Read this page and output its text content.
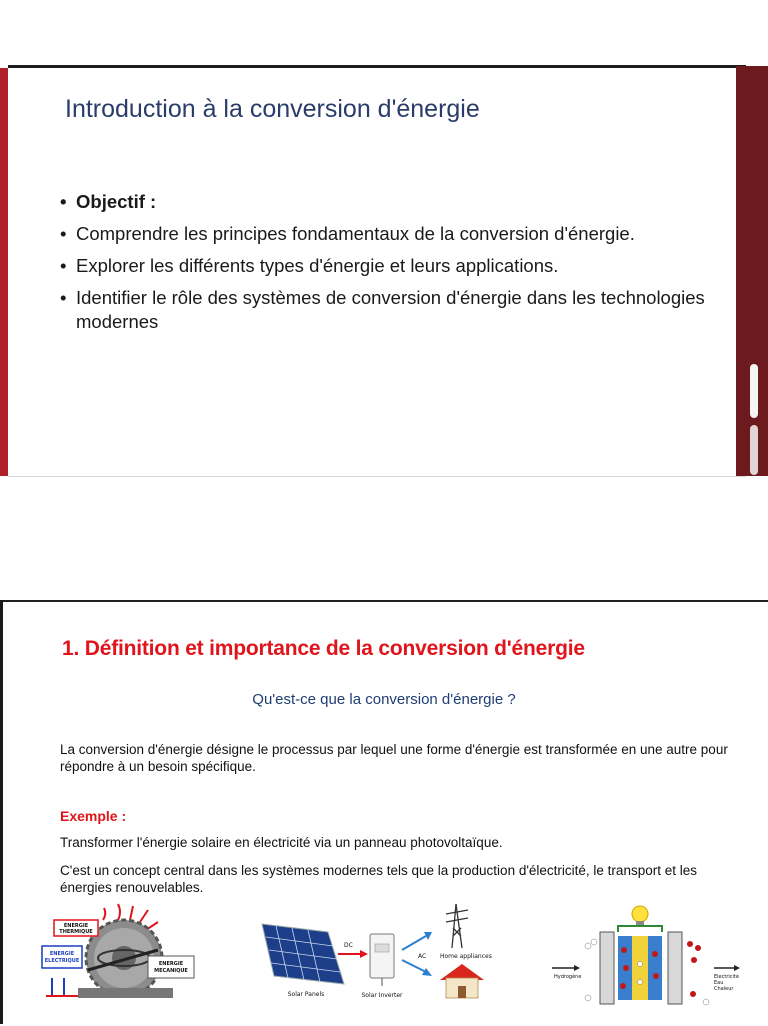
Introduction à la conversion d'énergie
• Objectif :
• Comprendre les principes fondamentaux de la conversion d'énergie.
• Explorer les différents types d'énergie et leurs applications.
• Identifier le rôle des systèmes de conversion d'énergie dans les technologies modernes
1. Définition et importance de la conversion d'énergie
Qu'est-ce que la conversion d'énergie ?
La conversion d'énergie désigne le processus par lequel une forme d'énergie est transformée en une autre pour répondre à un besoin spécifique.
Exemple :
Transformer l'énergie solaire en électricité via un panneau photovoltaïque.
C'est un concept central dans les systèmes modernes tels que la production d'électricité, le transport et les énergies renouvelables.
ENERGIE
THERMIQUE
ENERGIE
ELECTRIQUE	ENERGIE
MECANIQUE
Solar Panels
DC
Solar Inverter
AC Home appliances
Hydrogène	Electricité
Eau
Chaleur
